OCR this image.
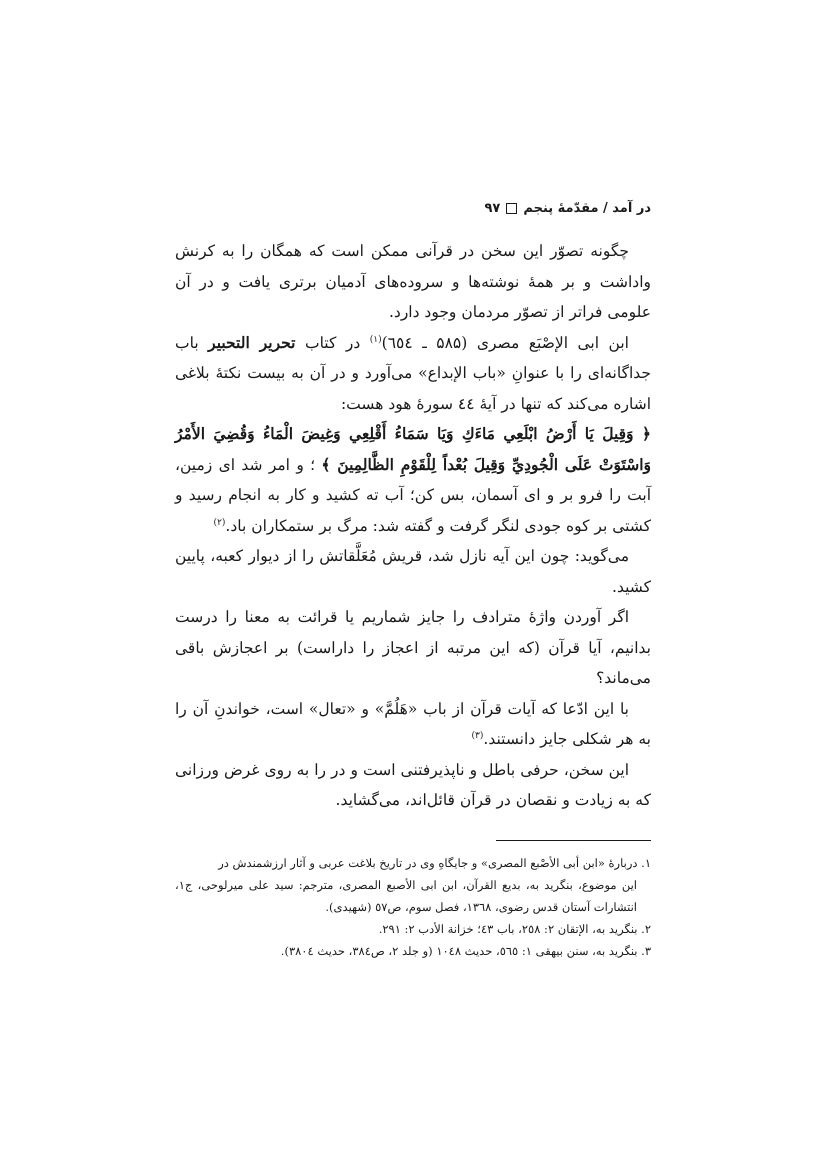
در آمد / مقدّمهٔ پنجم
۹۷

چگونه تصوّر این سخن در قرآنی ممکن است که همگان را به کرنش واداشت و بر همهٔ نوشته‌ها و سروده‌های آدمیان برتری یافت و در آن علومی فراتر از تصوّر مردمان وجود دارد.

ابن ابی الإصْبَع مصری (۵۸۵ ـ ٦٥٤)$^{(١)}$ در کتاب تحریر التحبیر باب جداگانه‌ای را با عنوانِ «باب الإبداع» می‌آورد و در آن به بیست نکتهٔ بلاغی اشاره می‌کند که تنها در آیهٔ ٤٤ سورهٔ هود هست:

﴿ وَقِيلَ يَا أَرْضُ ابْلَعِي مَاءَكِ وَيَا سَمَاءُ أَقْلِعِي وَغِيضَ الْمَاءُ وَقُضِيَ الأَمْرُ وَاسْتَوَتْ عَلَى الْجُودِيِّ وَقِيلَ بُعْداً لِلْقَوْمِ الظَّالِمِينَ ﴾ ؛ و امر شد ای زمین، آبت را فرو بر و ای آسمان، بس کن؛ آب ته کشید و کار به انجام رسید و کشتی بر کوه جودی لنگر گرفت و گفته شد: مرگ بر ستمکاران باد.$^{(٢)}$

می‌گوید: چون این آیه نازل شد، قریش مُعَلَّقاتش را از دیوار کعبه، پایین کشید.

اگر آوردن واژهٔ مترادف را جایز شماریم یا قرائت به معنا را درست بدانیم، آیا قرآن (که این مرتبه از اعجاز را داراست) بر اعجازش باقی می‌ماند؟

با این ادّعا که آیات قرآن از باب «هَلُمَّ» و «تعال» است، خواندنِ آن را به هر شکلی جایز دانستند.$^{(٣)}$

این سخن، حرفی باطل و ناپذیرفتنی است و در را به روی غرض ورزانی که به زیادت و نقصان در قرآن قائل‌اند، می‌گشاید.

١. دربارهٔ «ابن أبی الأصْبع المصری» و جایگاهِ وی در تاریخ بلاغت عربی و آثار ارزشمندش در

این موضوع، بنگرید به، بدیع القرآن، ابن ابی الأصبع المصری، مترجم: سید علی میرلوحی، ج١، انتشارات آستان قدس رضوی، ١٣٦٨، فصل سوم، ص٥٧ (شهیدی).

٢. بنگرید به، الإتقان ٢: ٢٥٨، باب ٤٣؛ خزانة الأدب ٢: ٢٩١.

٣. بنگرید به، سنن بیهقی ١: ٥٦٥، حدیث ١٠٤٨ (و جلد ٢، ص٣٨٤، حدیث ٣٨٠٤).
